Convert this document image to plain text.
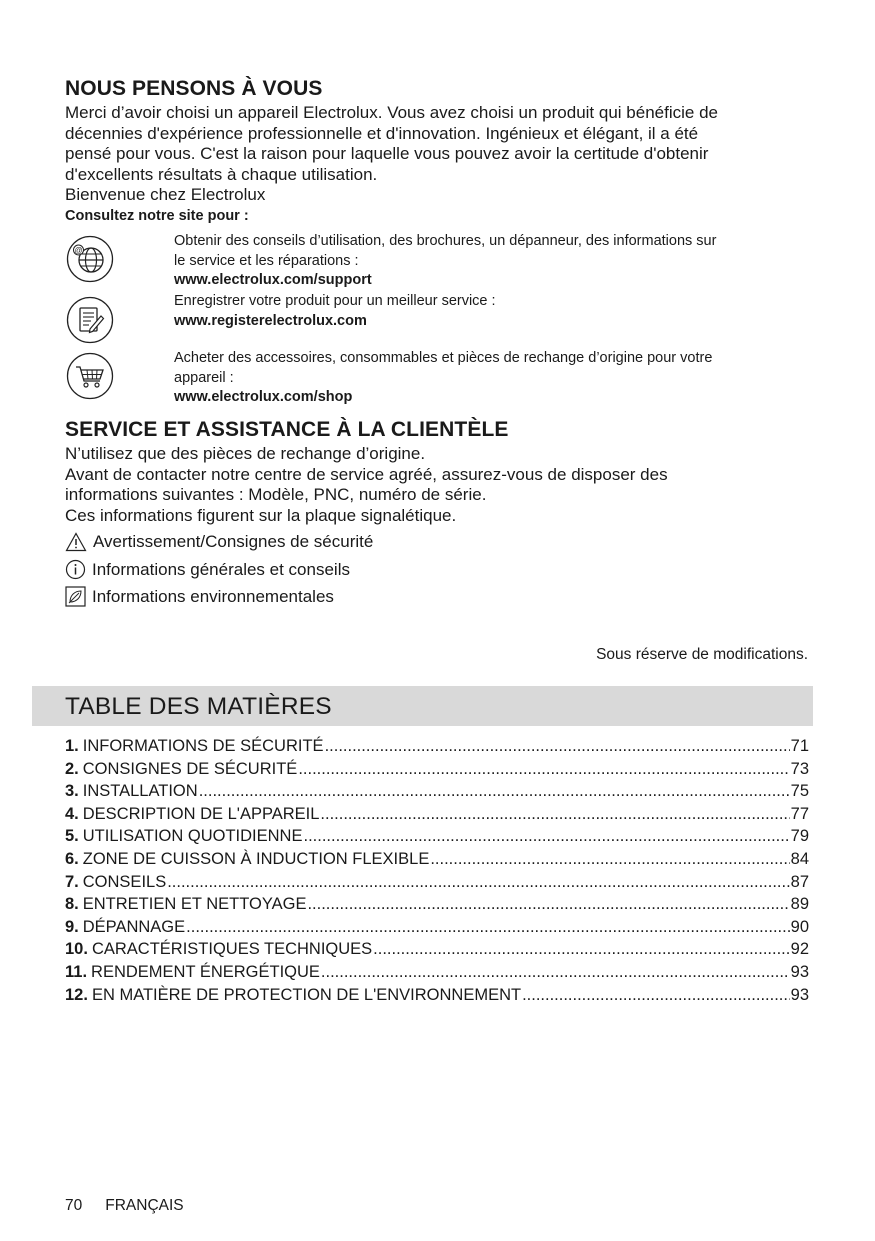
NOUS PENSONS À VOUS
Merci d’avoir choisi un appareil Electrolux. Vous avez choisi un produit qui bénéficie de
décennies d'expérience professionnelle et d'innovation. Ingénieux et élégant, il a été
pensé pour vous. C'est la raison pour laquelle vous pouvez avoir la certitude d'obtenir
d'excellents résultats à chaque utilisation.
Bienvenue chez Electrolux
Consultez notre site pour :
@
Obtenir des conseils d’utilisation, des brochures, un dépanneur, des informations sur
le service et les réparations :
www.electrolux.com/support
Enregistrer votre produit pour un meilleur service :
www.registerelectrolux.com
Acheter des accessoires, consommables et pièces de rechange d’origine pour votre
appareil :
www.electrolux.com/shop
SERVICE ET ASSISTANCE À LA CLIENTÈLE
N’utilisez que des pièces de rechange d’origine.
Avant de contacter notre centre de service agréé, assurez-vous de disposer des
informations suivantes : Modèle, PNC, numéro de série.
Ces informations figurent sur la plaque signalétique.
Avertissement/Consignes de sécurité
Informations générales et conseils
Informations environnementales
Sous réserve de modifications.
TABLE DES MATIÈRES
1. INFORMATIONS DE SÉCURITÉ .....	71
2. CONSIGNES DE SÉCURITÉ .....	73
3. INSTALLATION .....	75
4. DESCRIPTION DE L'APPAREIL .....	77
5. UTILISATION QUOTIDIENNE .....	79
6. ZONE DE CUISSON À INDUCTION FLEXIBLE .....	84
7. CONSEILS .....	87
8. ENTRETIEN ET NETTOYAGE .....	89
9. DÉPANNAGE .....	90
10. CARACTÉRISTIQUES TECHNIQUES .....	92
11. RENDEMENT ÉNERGÉTIQUE .....	93
12. EN MATIÈRE DE PROTECTION DE L'ENVIRONNEMENT .....	93
70 FRANÇAIS
